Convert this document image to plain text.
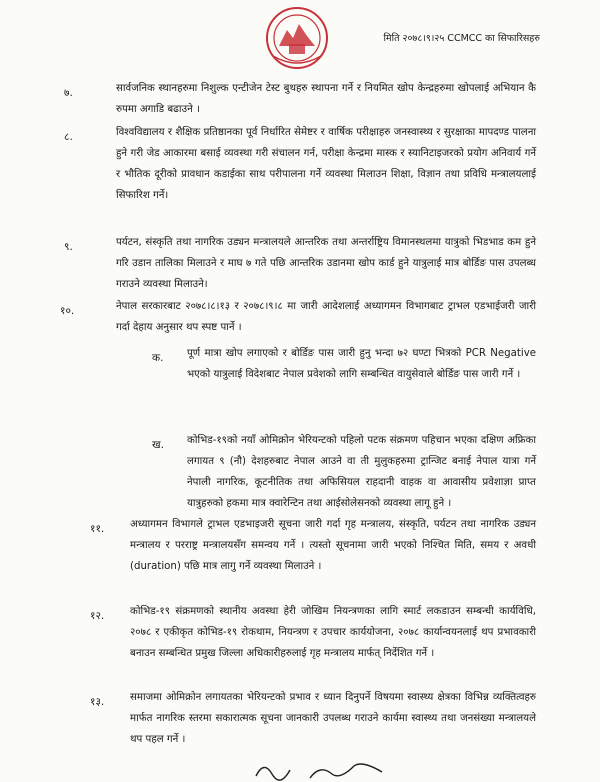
मिति २०७८।९।२५ CCMCC का सिफारिसहरु
७.	सार्वजनिक स्थानहरुमा निशुल्क एन्टीजेन टेस्ट बुथहरु स्थापना गर्ने र नियमित खोप केन्द्रहरुमा खोपलाई अभियान कै रुपमा अगाडि बढाउने ।
८.	विश्वविद्यालय र शैक्षिक प्रतिष्ठानका पूर्व निर्धारित सेमेष्टर र वार्षिक परीक्षाहरु जनस्वास्थ्य र सुरक्षाका मापदण्ड पालना हुने गरी जेड आकारमा बसाई व्यवस्था गरी संचालन गर्न, परीक्षा केन्द्रमा मास्क र स्यानिटाइजरको प्रयोग अनिवार्य गर्ने र भौतिक दूरीको प्रावधान कडाईका साथ परीपालना गर्ने व्यवस्था मिलाउन शिक्षा, विज्ञान तथा प्रविधि मन्त्रालयलाई सिफारिश गर्ने।
९.	पर्यटन, संस्कृति तथा नागरिक उड्यन मन्त्रालयले आन्तरिक तथा अन्तर्राष्ट्रिय विमानस्थलमा यात्रुको भिडभाड कम हुने गरि उडान तालिका मिलाउने र माघ ७ गते पछि आन्तरिक उडानमा खोप कार्ड हुने यात्रुलाई मात्र बोर्डिङ पास उपलब्ध गराउने व्यवस्था मिलाउने।
१०.	नेपाल सरकारबाट २०७८।८।१३ र २०७८।९।८ मा जारी आदेशलाई अध्यागमन विभागबाट ट्राभल एडभाईजरी जारी गर्दा देहाय अनुसार थप स्पष्ट पार्ने ।
क. पूर्ण मात्रा खोप लगाएको र बोर्डिङ पास जारी हुनु भन्दा ७२ घण्टा भित्रको PCR Negative भएको यात्रुलाई विदेशबाट नेपाल प्रवेशको लागि सम्बन्धित वायुसेवाले बोर्डिङ पास जारी गर्ने ।
ख. कोभिड-१९को नयाँ ओमिक्रोन भेरियन्टको पहिलो पटक संक्रमण पहिचान भएका दक्षिण अफ्रिका लगायत ९ (नौ) देशहरुबाट नेपाल आउने वा ती मुलुकहरुमा ट्रान्जिट बनाई नेपाल यात्रा गर्ने नेपाली नागरिक, कूटनीतिक तथा अफिसियल राहदानी वाहक वा आवासीय प्रवेशाज्ञा प्राप्त यात्रुहरुको हकमा मात्र क्वारेन्टिन तथा आईसोलेसनको व्यवस्था लागू हुने ।
११.	अध्यागमन विभागले ट्राभल एडभाइजरी सूचना जारी गर्दा गृह मन्त्रालय, संस्कृति, पर्यटन तथा नागरिक उड्यन मन्त्रालय र परराष्ट्र मन्त्रालयसँग समन्वय गर्ने । त्यस्तो सूचनामा जारी भएको निश्चित मिति, समय र अवधी (duration) पछि मात्र लागु गर्ने व्यवस्था मिलाउने ।
१२.	कोभिड-१९ संक्रमणको स्थानीय अवस्था हेरी जोखिम नियन्त्रणका लागि स्मार्ट लकडाउन सम्बन्धी कार्यविधि, २०७८ र एकीकृत कोभिड-१९ रोकथाम, नियन्त्रण र उपचार कार्ययोजना, २०७८ कार्यान्वयनलाई थप प्रभावकारी बनाउन सम्बन्धित प्रमुख जिल्ला अधिकारीहरुलाई गृह मन्त्रालय मार्फत् निर्देशित गर्ने ।
१३.	समाजमा ओमिक्रोन लगायतका भेरियन्टको प्रभाव र ध्यान दिनुपर्ने विषयमा स्वास्थ्य क्षेत्रका विभिन्न व्यक्तित्वहरु मार्फत नागरिक स्तरमा सकारात्मक सूचना जानकारी उपलब्ध गराउने कार्यमा स्वास्थ्य तथा जनसंख्या मन्त्रालयले थप पहल गर्ने ।
